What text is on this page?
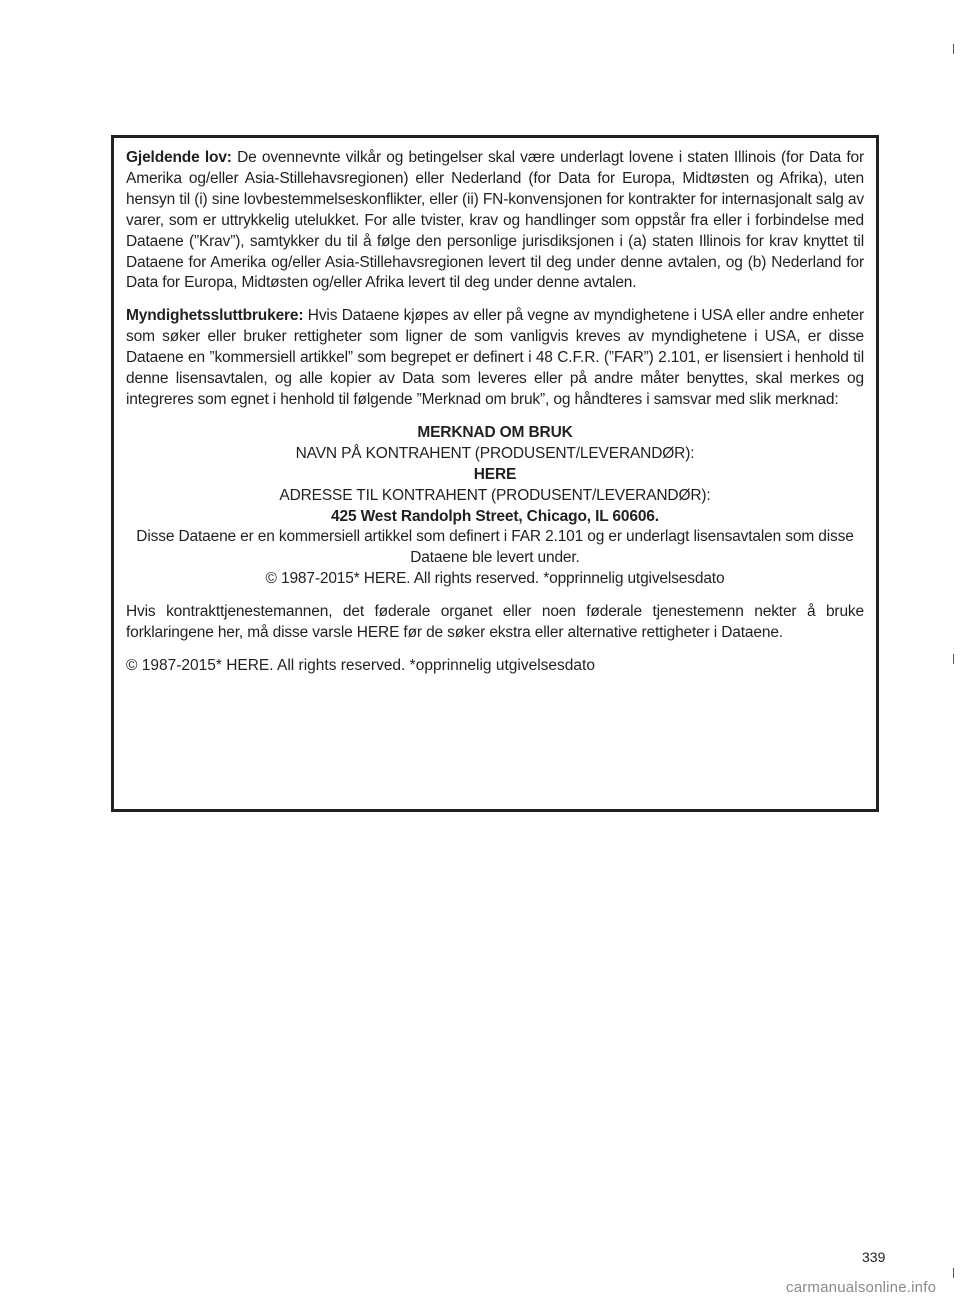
Gjeldende lov: De ovennevnte vilkår og betingelser skal være underlagt lovene i staten Illinois (for Data for Amerika og/eller Asia-Stillehavsregionen) eller Nederland (for Data for Europa, Midtøsten og Afrika), uten hensyn til (i) sine lovbestemmelseskonflikter, eller (ii) FN-konvensjonen for kontrakter for internasjonalt salg av varer, som er uttrykkelig utelukket. For alle tvister, krav og handlinger som oppstår fra eller i forbindelse med Dataene (”Krav”), samtykker du til å følge den personlige jurisdiksjonen i (a) staten Illinois for krav knyttet til Dataene for Amerika og/eller Asia-Stillehavsregionen levert til deg under denne avtalen, og (b) Nederland for Data for Europa, Midtøsten og/eller Afrika levert til deg under denne avtalen.

Myndighetssluttbrukere: Hvis Dataene kjøpes av eller på vegne av myndighetene i USA eller andre enheter som søker eller bruker rettigheter som ligner de som vanligvis kreves av myndighetene i USA, er disse Dataene en ”kommersiell artikkel” som begrepet er definert i 48 C.F.R. (”FAR”) 2.101, er lisensiert i henhold til denne lisensavtalen, og alle kopier av Data som leveres eller på andre måter benyttes, skal merkes og integreres som egnet i henhold til følgende ”Merknad om bruk”, og håndteres i samsvar med slik merknad:

MERKNAD OM BRUK
NAVN PÅ KONTRAHENT (PRODUSENT/LEVERANDØR):
HERE
ADRESSE TIL KONTRAHENT (PRODUSENT/LEVERANDØR):
425 West Randolph Street, Chicago, IL 60606.
Disse Dataene er en kommersiell artikkel som definert i FAR 2.101 og er underlagt lisensavtalen som disse Dataene ble levert under.
© 1987-2015* HERE. All rights reserved. *opprinnelig utgivelsesdato

Hvis kontrakttjenestemannen, det føderale organet eller noen føderale tjenestemenn nekter å bruke forklaringene her, må disse varsle HERE før de søker ekstra eller alternative rettigheter i Dataene.

© 1987-2015* HERE. All rights reserved. *opprinnelig utgivelsesdato

339
carmanualsonline.info
